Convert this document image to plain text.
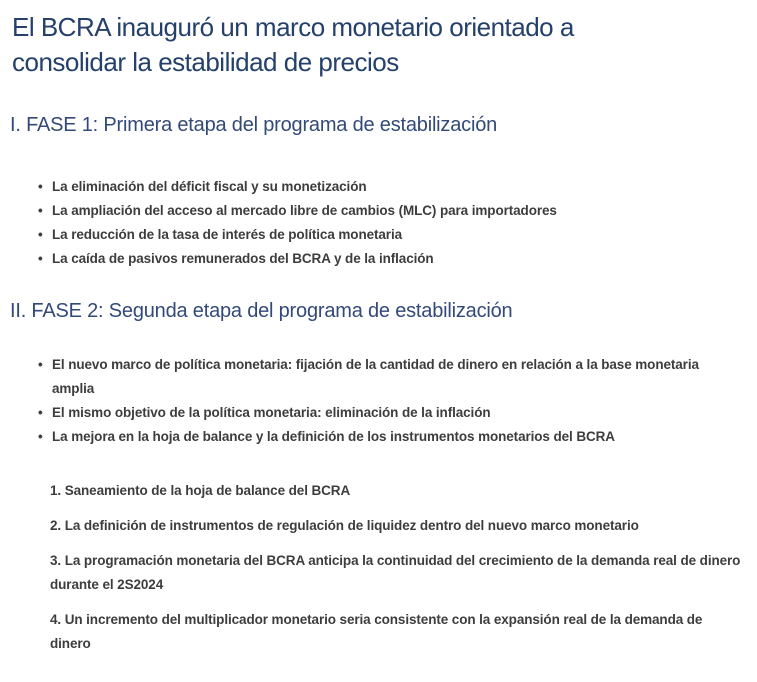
El BCRA inauguró un marco monetario orientado a consolidar la estabilidad de precios
I. FASE 1: Primera etapa del programa de estabilización
• La eliminación del déficit fiscal y su monetización
• La ampliación del acceso al mercado libre de cambios (MLC) para importadores
• La reducción de la tasa de interés de política monetaria
• La caída de pasivos remunerados del BCRA y de la inflación
II. FASE 2: Segunda etapa del programa de estabilización
• El nuevo marco de política monetaria: fijación de la cantidad de dinero en relación a la base monetaria amplia
• El mismo objetivo de la política monetaria: eliminación de la inflación
• La mejora en la hoja de balance y la definición de los instrumentos monetarios del BCRA
1. Saneamiento de la hoja de balance del BCRA
2. La definición de instrumentos de regulación de liquidez dentro del nuevo marco monetario
3. La programación monetaria del BCRA anticipa la continuidad del crecimiento de la demanda real de dinero durante el 2S2024
4. Un incremento del multiplicador monetario seria consistente con la expansión real de la demanda de dinero
